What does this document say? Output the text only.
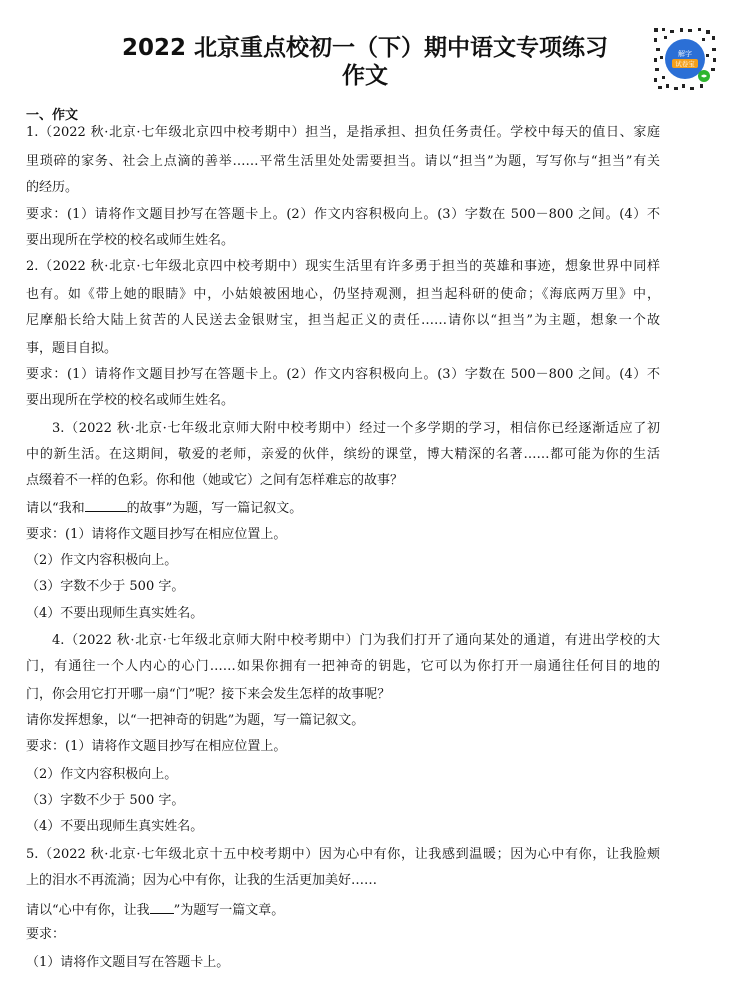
2022 北京重点校初一（下）期中语文专项练习
作文
解字
试卷宝
一、作文
1.（2022 秋·北京·七年级北京四中校考期中）担当，是指承担、担负任务责任。学校中每天的值日、家庭
里琐碎的家务、社会上点滴的善举……平常生活里处处需要担当。请以“担当”为题，写写你与“担当”有关
的经历。
要求：(1）请将作文题目抄写在答题卡上。(2）作文内容积极向上。(3）字数在 500－800 之间。(4）不
要出现所在学校的校名或师生姓名。
2.（2022 秋·北京·七年级北京四中校考期中）现实生活里有许多勇于担当的英雄和事迹，想象世界中同样
也有。如《带上她的眼睛》中，小姑娘被困地心，仍坚持观测，担当起科研的使命；《海底两万里》中，
尼摩船长给大陆上贫苦的人民送去金银财宝，担当起正义的责任……请你以“担当”为主题，想象一个故
事，题目自拟。
要求：(1）请将作文题目抄写在答题卡上。(2）作文内容积极向上。(3）字数在 500－800 之间。(4）不
要出现所在学校的校名或师生姓名。
3.（2022 秋·北京·七年级北京师大附中校考期中）经过一个多学期的学习，相信你已经逐渐适应了初
中的新生活。在这期间，敬爱的老师，亲爱的伙伴，缤纷的课堂，博大精深的名著……都可能为你的生活
点缀着不一样的色彩。你和他（她或它）之间有怎样难忘的故事？
请以“我和	的故事”为题，写一篇记叙文。
要求：(1）请将作文题目抄写在相应位置上。
（2）作文内容积极向上。
（3）字数不少于 500 字。
（4）不要出现师生真实姓名。
4.（2022 秋·北京·七年级北京师大附中校考期中）门为我们打开了通向某处的通道，有进出学校的大
门，有通往一个人内心的心门……如果你拥有一把神奇的钥匙，它可以为你打开一扇通往任何目的地的
门，你会用它打开哪一扇“门”呢？接下来会发生怎样的故事呢？
请你发挥想象，以“一把神奇的钥匙”为题，写一篇记叙文。
要求：(1）请将作文题目抄写在相应位置上。
（2）作文内容积极向上。
（3）字数不少于 500 字。
（4）不要出现师生真实姓名。
5.（2022 秋·北京·七年级北京十五中校考期中）因为心中有你，让我感到温暖；因为心中有你，让我脸颊
上的泪水不再流淌；因为心中有你，让我的生活更加美好……
请以“心中有你，让我 ”为题写一篇文章。
要求：
（1）请将作文题目写在答题卡上。
